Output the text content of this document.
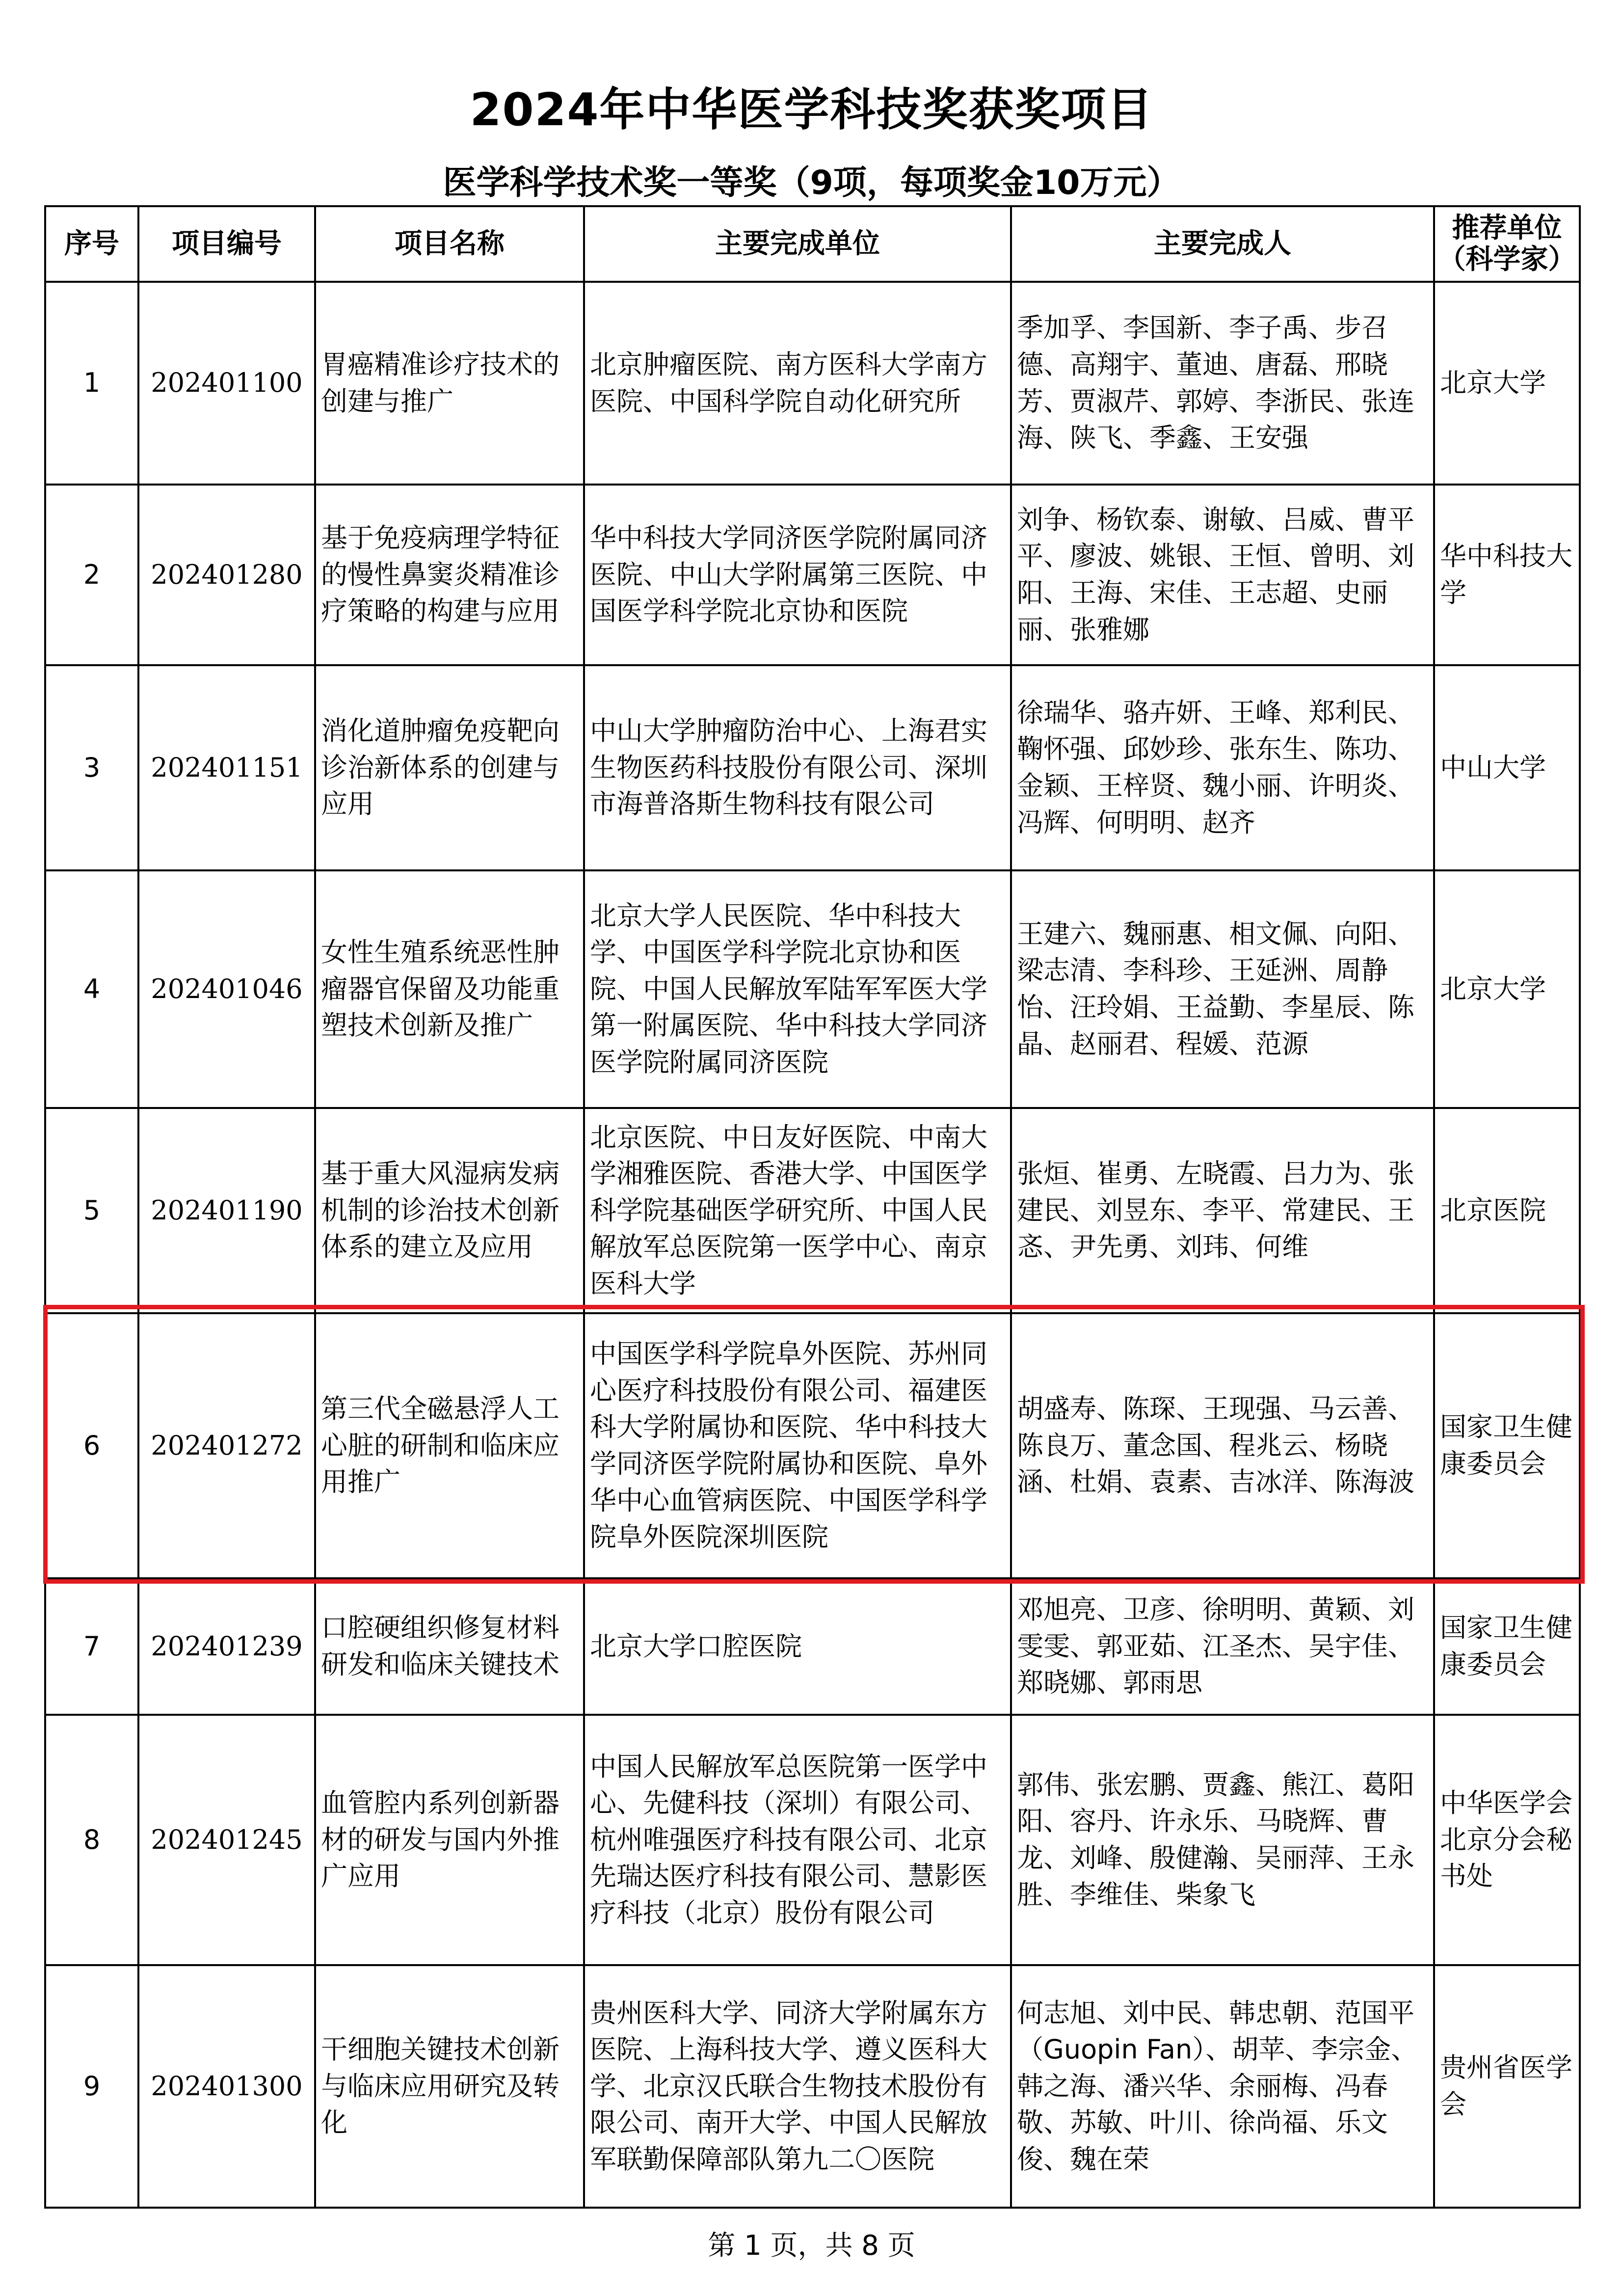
2024年中华医学科技奖获奖项目
医学科学技术奖一等奖（9项，每项奖金10万元）
序号	项目编号	项目名称	主要完成单位	主要完成人	推荐单位（科学家）
1	202401100	胃癌精准诊疗技术的创建与推广	北京肿瘤医院、南方医科大学南方医院、中国科学院自动化研究所	季加孚、李国新、李子禹、步召德、高翔宇、董迪、唐磊、邢晓芳、贾淑芹、郭婷、李浙民、张连海、陕飞、季鑫、王安强	北京大学
2	202401280	基于免疫病理学特征的慢性鼻窦炎精准诊疗策略的构建与应用	华中科技大学同济医学院附属同济医院、中山大学附属第三医院、中国医学科学院北京协和医院	刘争、杨钦泰、谢敏、吕威、曹平平、廖波、姚银、王恒、曾明、刘阳、王海、宋佳、王志超、史丽丽、张雅娜	华中科技大学
3	202401151	消化道肿瘤免疫靶向诊治新体系的创建与应用	中山大学肿瘤防治中心、上海君实生物医药科技股份有限公司、深圳市海普洛斯生物科技有限公司	徐瑞华、骆卉妍、王峰、郑利民、鞠怀强、邱妙珍、张东生、陈功、金颖、王梓贤、魏小丽、许明炎、冯辉、何明明、赵齐	中山大学
4	202401046	女性生殖系统恶性肿瘤器官保留及功能重塑技术创新及推广	北京大学人民医院、华中科技大学、中国医学科学院北京协和医院、中国人民解放军陆军军医大学第一附属医院、华中科技大学同济医学院附属同济医院	王建六、魏丽惠、相文佩、向阳、梁志清、李科珍、王延洲、周静怡、汪玲娟、王益勤、李星辰、陈晶、赵丽君、程媛、范源	北京大学
5	202401190	基于重大风湿病发病机制的诊治技术创新体系的建立及应用	北京医院、中日友好医院、中南大学湘雅医院、香港大学、中国医学科学院基础医学研究所、中国人民解放军总医院第一医学中心、南京医科大学	张烜、崔勇、左晓霞、吕力为、张建民、刘昱东、李平、常建民、王忞、尹先勇、刘玮、何维	北京医院
6	202401272	第三代全磁悬浮人工心脏的研制和临床应用推广	中国医学科学院阜外医院、苏州同心医疗科技股份有限公司、福建医科大学附属协和医院、华中科技大学同济医学院附属协和医院、阜外华中心血管病医院、中国医学科学院阜外医院深圳医院	胡盛寿、陈琛、王现强、马云善、陈良万、董念国、程兆云、杨晓涵、杜娟、袁素、吉冰洋、陈海波	国家卫生健康委员会
7	202401239	口腔硬组织修复材料研发和临床关键技术	北京大学口腔医院	邓旭亮、卫彦、徐明明、黄颖、刘雯雯、郭亚茹、江圣杰、吴宇佳、郑晓娜、郭雨思	国家卫生健康委员会
8	202401245	血管腔内系列创新器材的研发与国内外推广应用	中国人民解放军总医院第一医学中心、先健科技（深圳）有限公司、杭州唯强医疗科技有限公司、北京先瑞达医疗科技有限公司、慧影医疗科技（北京）股份有限公司	郭伟、张宏鹏、贾鑫、熊江、葛阳阳、容丹、许永乐、马晓辉、曹龙、刘峰、殷健瀚、吴丽萍、王永胜、李维佳、柴象飞	中华医学会北京分会秘书处
9	202401300	干细胞关键技术创新与临床应用研究及转化	贵州医科大学、同济大学附属东方医院、上海科技大学、遵义医科大学、北京汉氏联合生物技术股份有限公司、南开大学、中国人民解放军联勤保障部队第九二〇医院	何志旭、刘中民、韩忠朝、范国平（Guopin Fan）、胡苹、李宗金、韩之海、潘兴华、余丽梅、冯春敬、苏敏、叶川、徐尚福、乐文俊、魏在荣	贵州省医学会
第 1 页，共 8 页
